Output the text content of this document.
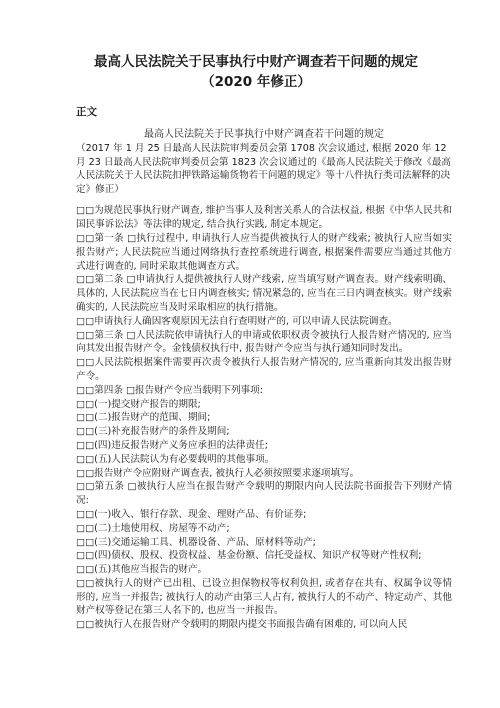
最高人民法院关于民事执行中财产调查若干问题的规定
（2020 年修正）
正文
最高人民法院关于民事执行中财产调查若干问题的规定

（2017 年 1 月 25 日最高人民法院审判委员会第 1708 次会议通过, 根据 2020 年 12 月 23 日最高人民法院审判委员会第 1823 次会议通过的《最高人民法院关于修改《最高人民法院关于人民法院扣押铁路运输货物若干问题的规定》等十八件执行类司法解释的决定》修正）

□□为规范民事执行财产调查, 维护当事人及利害关系人的合法权益, 根据《中华人民共和国民事诉讼法》等法律的规定, 结合执行实践, 制定本规定。

□□第一条 □执行过程中, 申请执行人应当提供被执行人的财产线索; 被执行人应当如实报告财产; 人民法院应当通过网络执行查控系统进行调查, 根据案件需要应当通过其他方式进行调查的, 同时采取其他调查方式。

□□第二条 □申请执行人提供被执行人财产线索, 应当填写财产调查表。财产线索明确、具体的, 人民法院应当在七日内调查核实; 情况紧急的, 应当在三日内调查核实。财产线索确实的, 人民法院应当及时采取相应的执行措施。

□□申请执行人确因客观原因无法自行查明财产的, 可以申请人民法院调查。

□□第三条 □人民法院依申请执行人的申请或依职权责令被执行人报告财产情况的, 应当向其发出报告财产令。金钱债权执行中, 报告财产令应当与执行通知同时发出。

□□人民法院根据案件需要再次责令被执行人报告财产情况的, 应当重新向其发出报告财产令。

□□第四条 □报告财产令应当载明下列事项:

□□(一)提交财产报告的期限;

□□(二)报告财产的范围、期间;

□□(三)补充报告财产的条件及期间;

□□(四)违反报告财产义务应承担的法律责任;

□□(五)人民法院认为有必要载明的其他事项。

□□报告财产令应附财产调查表, 被执行人必须按照要求逐项填写。

□□第五条 □被执行人应当在报告财产令载明的期限内向人民法院书面报告下列财产情况:

□□(一)收入、银行存款、现金、理财产品、有价证券;

□□(二)土地使用权、房屋等不动产;

□□(三)交通运输工具、机器设备、产品、原材料等动产;

□□(四)债权、股权、投资权益、基金份额、信托受益权、知识产权等财产性权利;

□□(五)其他应当报告的财产。

□□被执行人的财产已出租、已设立担保物权等权利负担, 或者存在共有、权属争议等情形的, 应当一并报告; 被执行人的动产由第三人占有, 被执行人的不动产、特定动产、其他财产权等登记在第三人名下的, 也应当一并报告。

□□被执行人在报告财产令载明的期限内提交书面报告确有困难的, 可以向人民
